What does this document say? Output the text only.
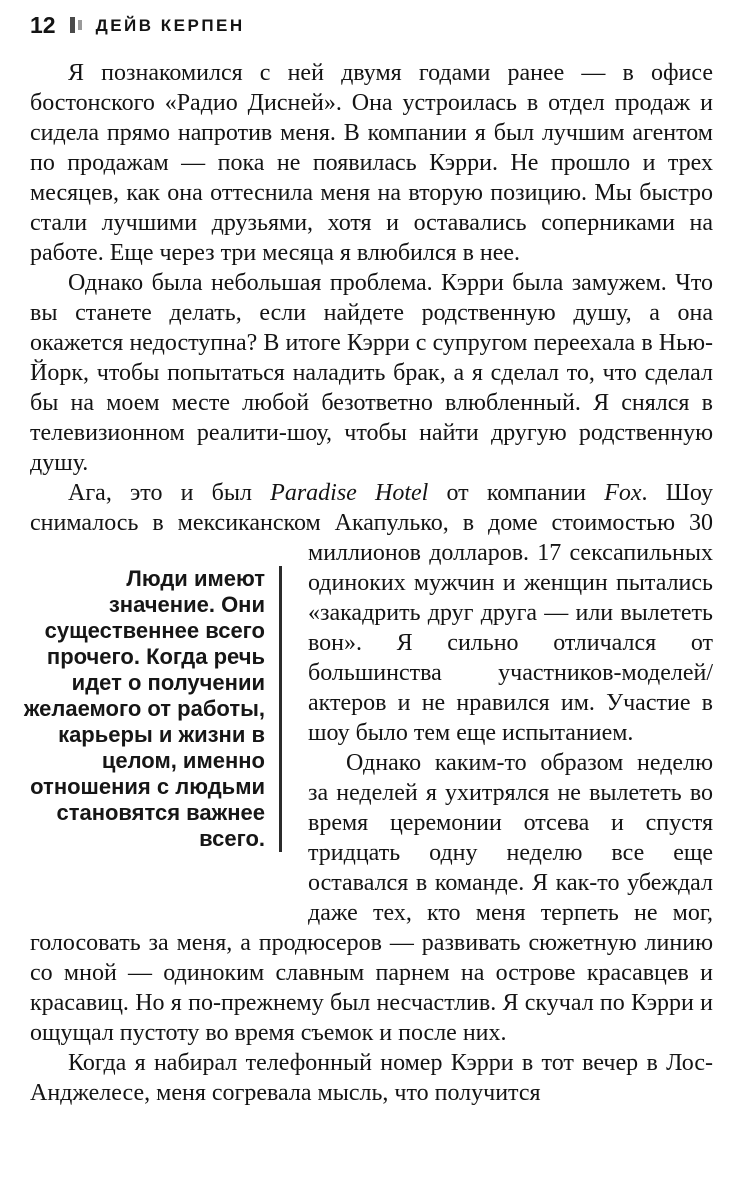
12 ДЕЙВ КЕРПЕН

Я познакомился с ней двумя годами ранее — в офисе бостонского «Радио Дисней». Она устроилась в отдел продаж и сидела прямо напротив меня. В компании я был лучшим агентом по продажам — пока не появилась Кэрри. Не прошло и трех месяцев, как она оттеснила меня на вторую позицию. Мы быстро стали лучшими друзьями, хотя и оставались соперниками на работе. Еще через три месяца я влюбился в нее.

Однако была небольшая проблема. Кэрри была замужем. Что вы станете делать, если найдете родственную душу, а она окажется недоступна? В итоге Кэрри с супругом переехала в Нью-Йорк, чтобы попытаться наладить брак, а я сделал то, что сделал бы на моем месте любой безответно влюбленный. Я снялся в телевизионном реалити-шоу, чтобы найти другую родственную душу.

Ага, это и был Paradise Hotel от компании Fox. Шоу снималось в мексиканском Акапулько, в доме стоимостью 30
Люди имеют значение. Они существеннее всего прочего. Когда речь идет о получении желаемого от работы, карьеры и жизни в целом, именно отношения с людьми становятся важнее всего.
миллионов долларов. 17 сексапильных одиноких мужчин и женщин пытались «закадрить друг друга — или вылететь вон». Я сильно отличался от большинства участников-моделей/актеров и не нравился им. Участие в шоу было тем еще испытанием.

Однако каким-то образом неделю за неделей я ухитрялся не вылететь во время церемонии отсева и спустя тридцать одну неделю все еще оставался в команде. Я как-то убеждал даже тех, кто меня терпеть не мог, голосовать за меня, а продюсеров — развивать сюжетную линию со мной — одиноким славным парнем на острове красавцев и красавиц. Но я по-прежнему был несчастлив. Я скучал по Кэрри и ощущал пустоту во время съемок и после них.

Когда я набирал телефонный номер Кэрри в тот вечер в Лос-Анджелесе, меня согревала мысль, что получится
